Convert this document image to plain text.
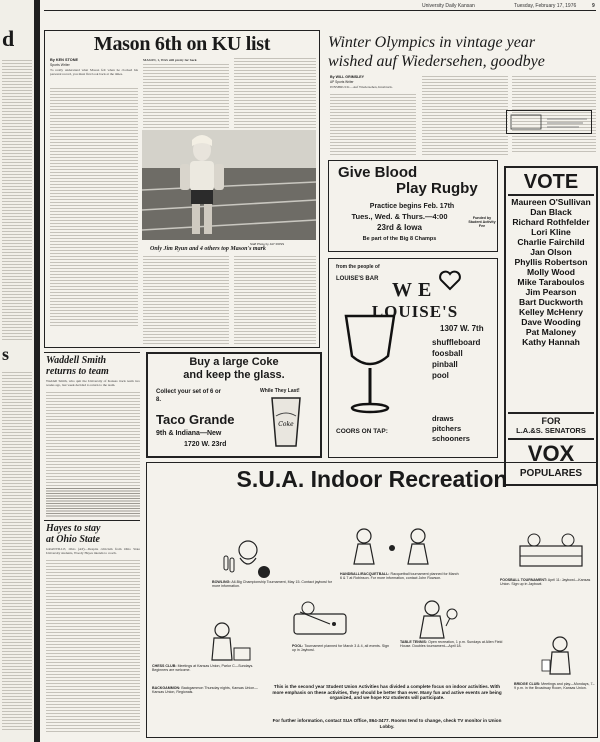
d
s
University Daily Kansan	Tuesday, February 17, 1976	9
Mason 6th on KU list
By KEN STONE
Sports Writer
To really understand what Mason felt when he clocked his personal record, you must first look back at the times.
MASON, 1, WAS still pretty far back
Staff Photo by JAY ROSS
Only Jim Ryun and 4 others top Mason's mark
Winter Olympics in vintage year
wished auf Wiedersehen, goodbye
By WILL GRIMSLEY
AP Sports Writer
INNSBRUCK—Auf Wiedersehen, Innsbruck.
Give Blood
Play Rugby
Practice begins Feb. 17th
Tues., Wed. & Thurs.—4:00
23rd & Iowa
Be part of the Big 8 Champs
Funded by Student Activity Fee
from the people of
LOUISE'S BAR WE
LOUISE'S
1307 W. 7th
shuffleboard
foosball
pinball
pool
COORS ON TAP:
draws
pitchers
schooners
VOTE
Maureen O'Sullivan
Dan Black
Richard Rothfelder
Lori Kline
Charlie Fairchild
Jan Olson
Phyllis Robertson
Molly Wood
Mike Taraboulos
Jim Pearson
Bart Duckworth
Kelley McHenry
Dave Wooding
Pat Maloney
Kathy Hannah
FOR
L.A.&S. SENATORS
VOX
POPULARES
Waddell Smith
returns to team
Waddell Smith, who quit the University of Kansas track team two weeks ago, last week decided to return to the team.
Hayes to stay
at Ohio State
GRANVILLE, Ohio (AP)—Despite criticism from Ohio State University students, Woody Hayes intends to coach.
Buy a large Coke
and keep the glass.
Collect your set of 6 or 8.
While They Last!
Coke
Taco Grande
9th & Indiana—New
1720 W. 23rd
S.U.A. Indoor Recreation
BOWLING: All-Big Championship Tournament, May 15. Contact jaybowl for more information.
HANDBALL/RACQUETBALL: Racquetball tournament planned for March 6 & 7 at Robinson. For more information, contact John Rowson.	FOOSBALL TOURNAMENT: April 11: Jaybowl—Kansas Union. Sign up in Jaybowl.
POOL: Tournament planned for March 3 & 4, all events. Sign up in Jaybowl.
TABLE TENNIS: Open recreation, 1 p.m. Sundays at Allen Field House. Doubles tournament—April 18.
CHESS CLUB: Meetings at Kansas Union, Parlor C—Sundays. Beginners are welcome.
BACKGAMMON: Backgammon Thursday nights, Kansas Union—Kansas Union, Regionals.
BRIDGE CLUB: Meetings and play—Mondays, 7–9 p.m. in the Broadway Room, Kansas Union.
This is the second year Student Union Activities has divided a complete focus on indoor activities. With more emphasis on these activities, they should be better than ever. Many fun and active events are being organized, and we hope KU students will participate.
For further information, contact SUA Office, 864-3477. Rooms tend to change, check TV monitor in Union Lobby.
